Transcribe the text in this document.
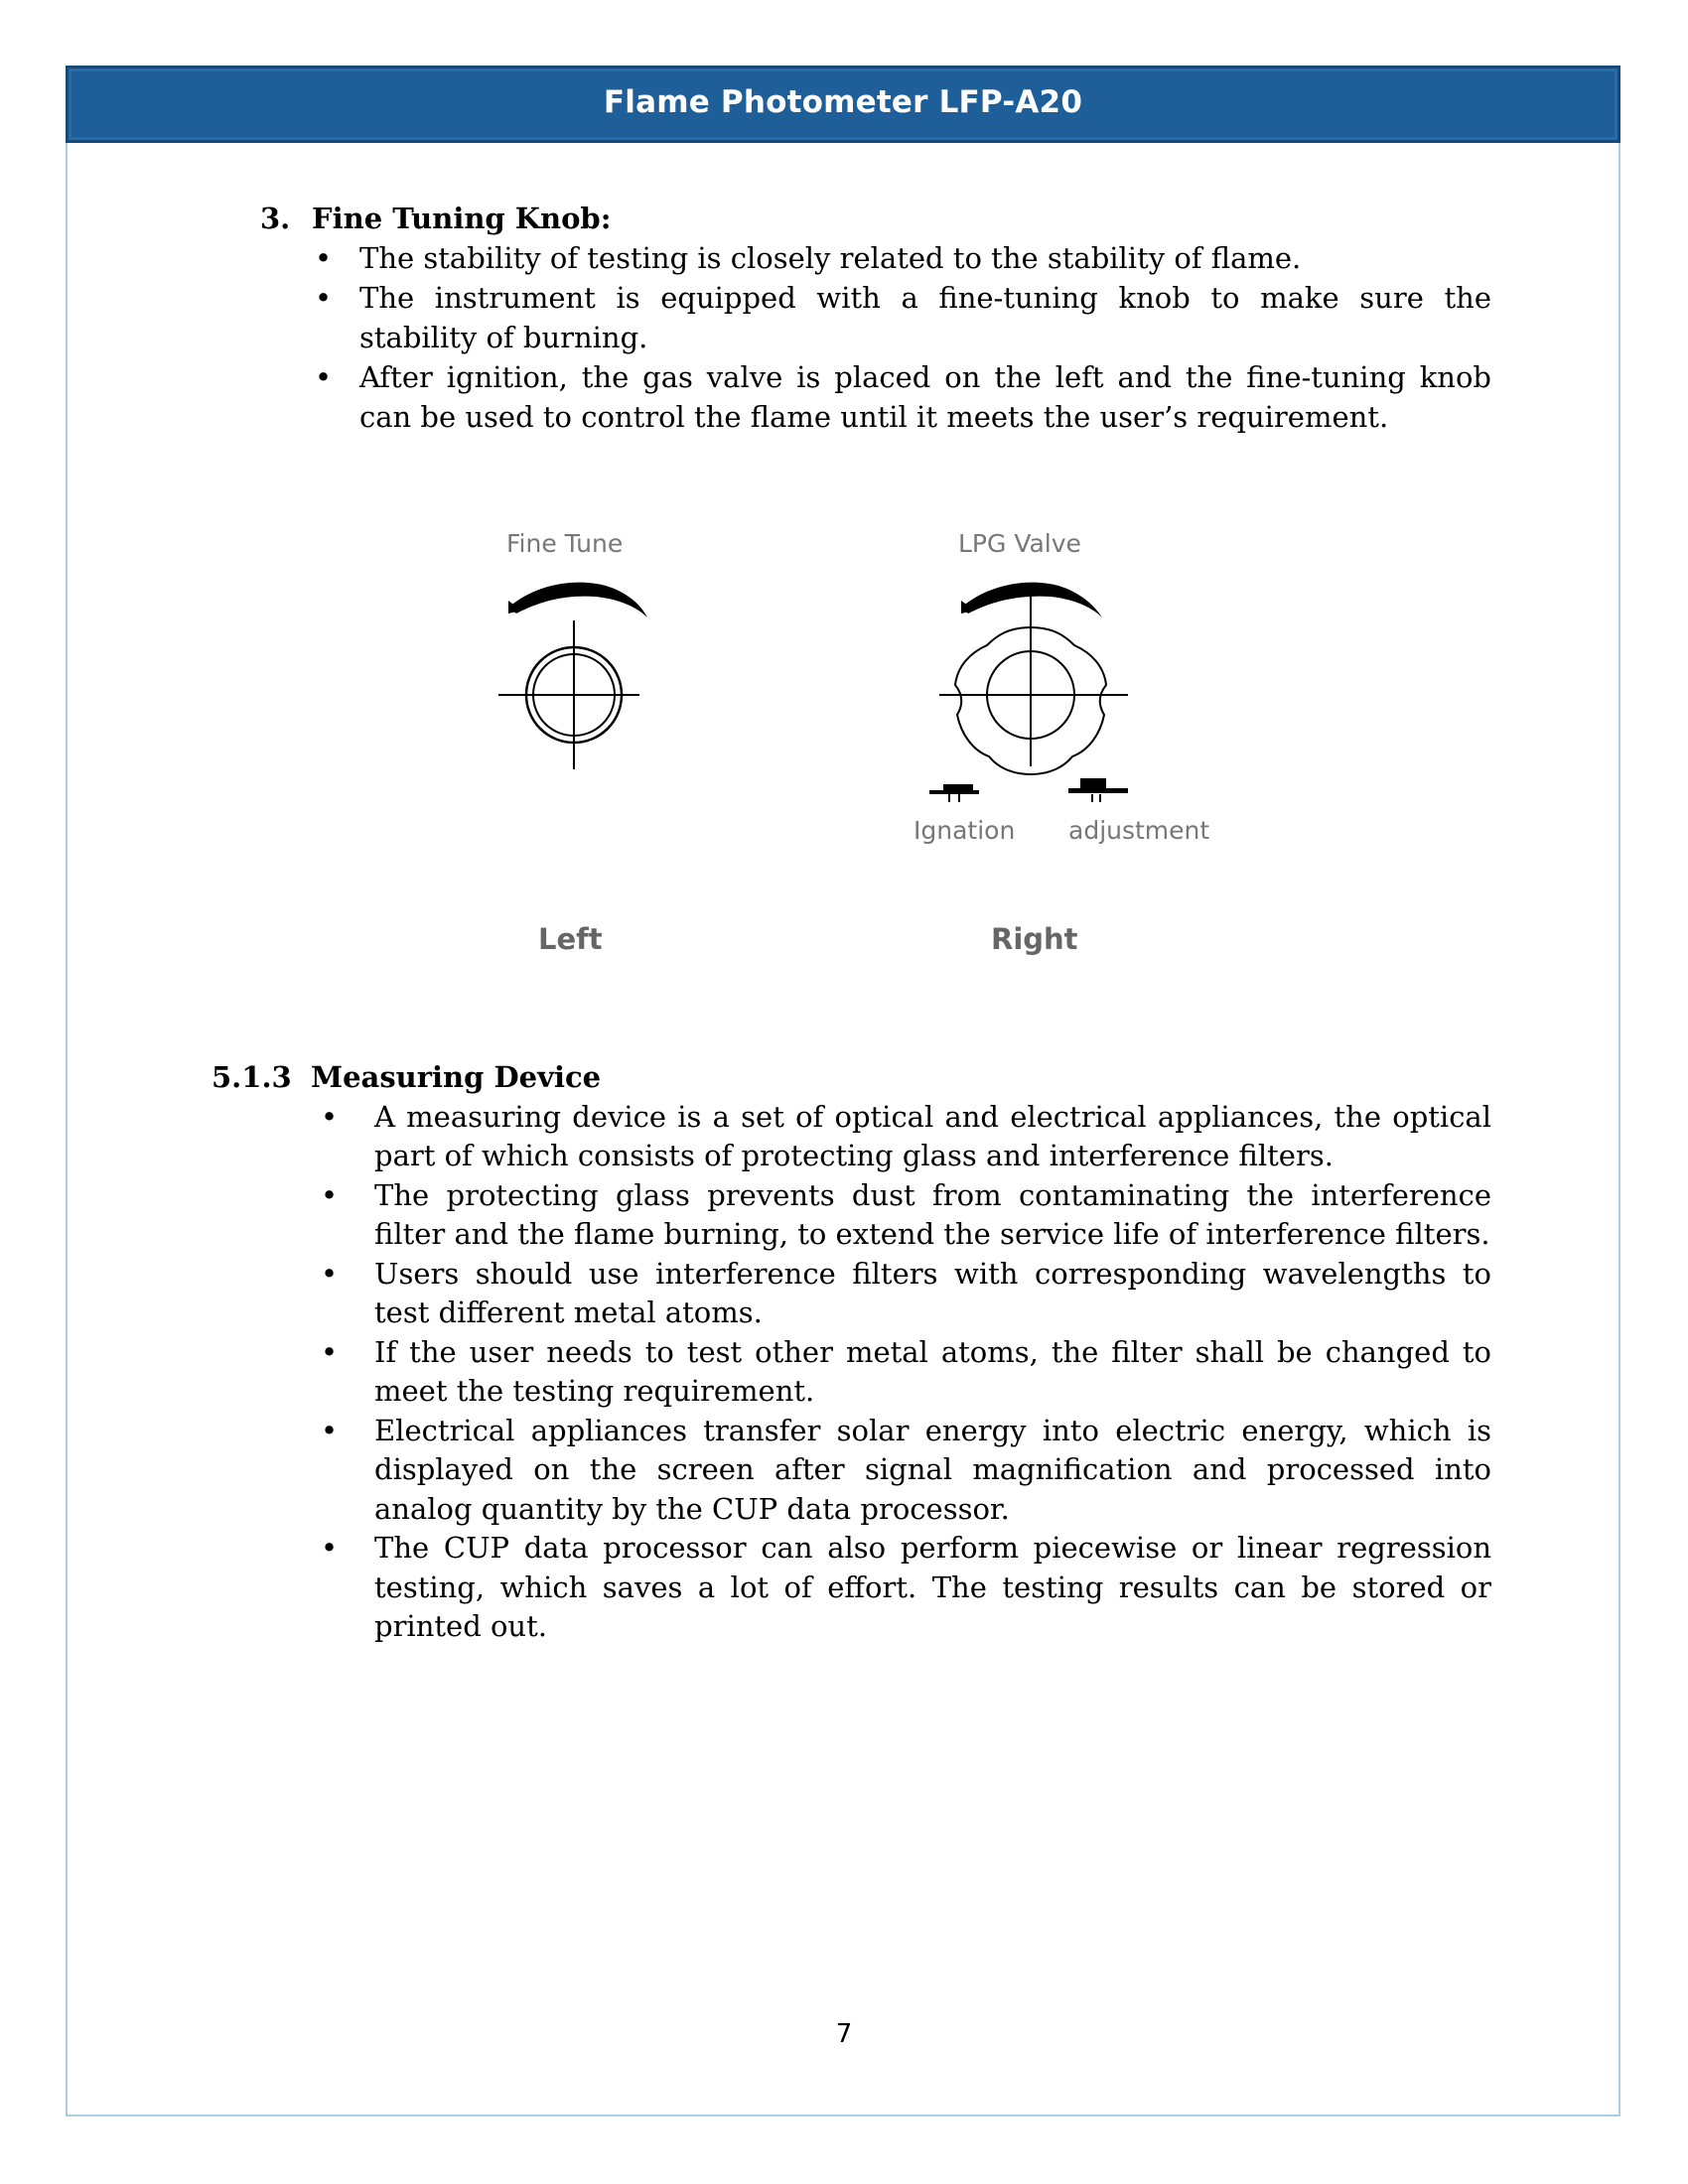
Flame Photometer LFP-A20
3. Fine Tuning Knob:
• The stability of testing is closely related to the stability of flame.
• The instrument is equipped with a fine-tuning knob to make sure the stability of burning.
• After ignition, the gas valve is placed on the left and the fine-tuning knob can be used to control the flame until it meets the user’s requirement.
Fine Tune	LPG Valve
Ignation adjustment
Left	Right
5.1.3 Measuring Device
• A measuring device is a set of optical and electrical appliances, the optical part of which consists of protecting glass and interference filters.
• The protecting glass prevents dust from contaminating the interference filter and the flame burning, to extend the service life of interference filters.
• Users should use interference filters with corresponding wavelengths to test different metal atoms.
• If the user needs to test other metal atoms, the filter shall be changed to meet the testing requirement.
• Electrical appliances transfer solar energy into electric energy, which is displayed on the screen after signal magnification and processed into analog quantity by the CUP data processor.
• The CUP data processor can also perform piecewise or linear regression testing, which saves a lot of effort. The testing results can be stored or printed out.
7
